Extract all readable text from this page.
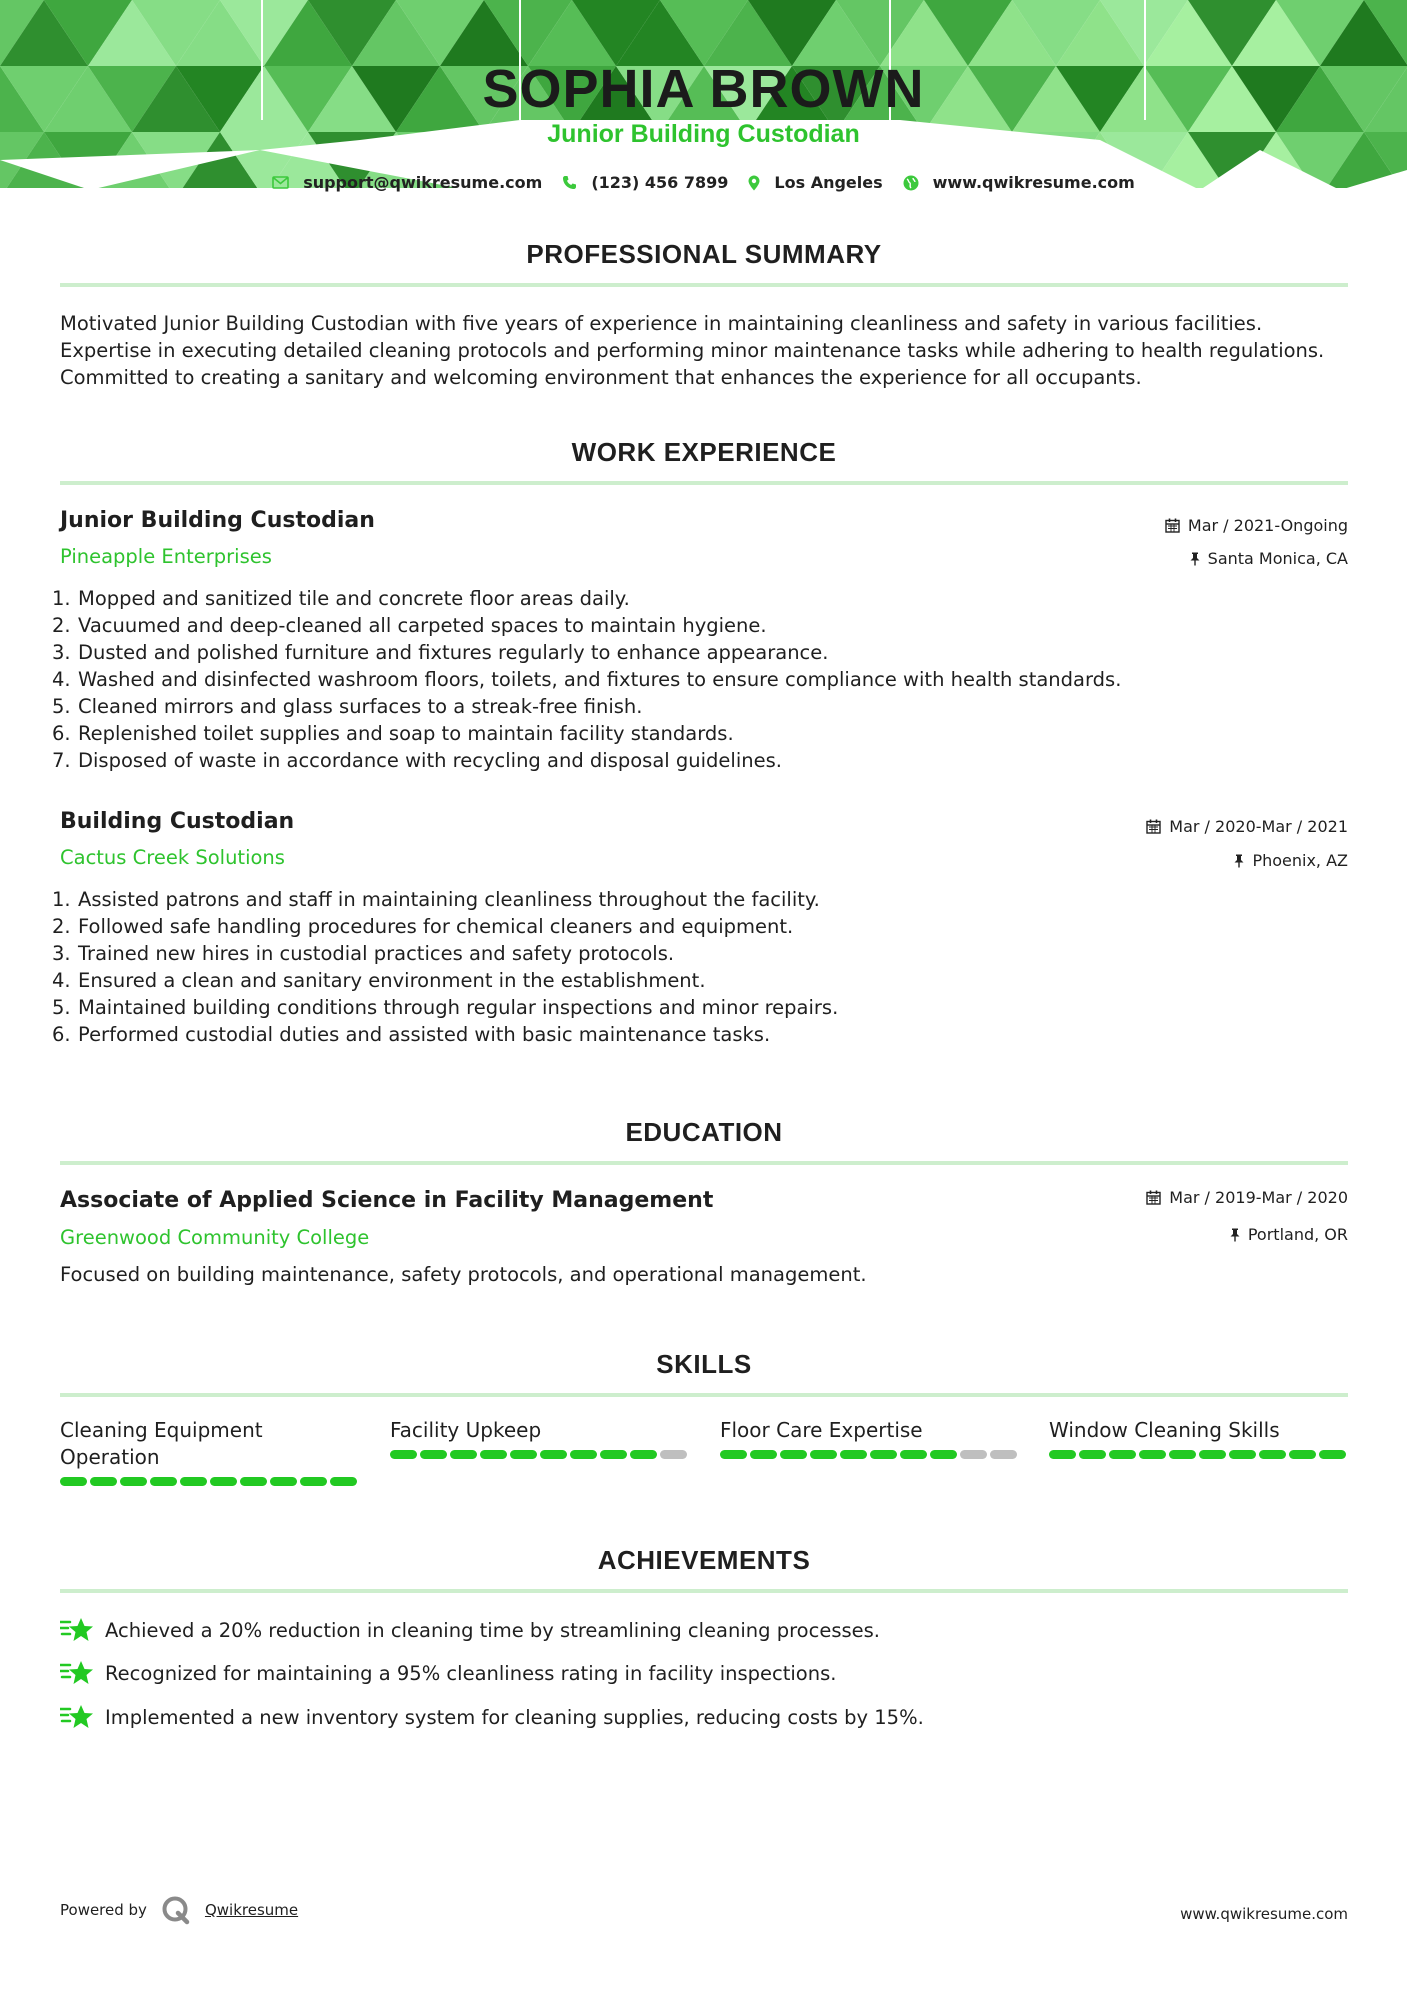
SOPHIA BROWN
Junior Building Custodian
support@qwikresume.com	(123) 456 7899	Los Angeles	www.qwikresume.com
PROFESSIONAL SUMMARY
Motivated Junior Building Custodian with five years of experience in maintaining cleanliness and safety in various facilities.
Expertise in executing detailed cleaning protocols and performing minor maintenance tasks while adhering to health regulations.
Committed to creating a sanitary and welcoming environment that enhances the experience for all occupants.
WORK EXPERIENCE
Junior Building Custodian	Mar / 2021-Ongoing
Pineapple Enterprises	Santa Monica, CA
1. Mopped and sanitized tile and concrete floor areas daily.
2. Vacuumed and deep-cleaned all carpeted spaces to maintain hygiene.
3. Dusted and polished furniture and fixtures regularly to enhance appearance.
4. Washed and disinfected washroom floors, toilets, and fixtures to ensure compliance with health standards.
5. Cleaned mirrors and glass surfaces to a streak-free finish.
6. Replenished toilet supplies and soap to maintain facility standards.
7. Disposed of waste in accordance with recycling and disposal guidelines.
Building Custodian	Mar / 2020-Mar / 2021
Cactus Creek Solutions	Phoenix, AZ
1. Assisted patrons and staff in maintaining cleanliness throughout the facility.
2. Followed safe handling procedures for chemical cleaners and equipment.
3. Trained new hires in custodial practices and safety protocols.
4. Ensured a clean and sanitary environment in the establishment.
5. Maintained building conditions through regular inspections and minor repairs.
6. Performed custodial duties and assisted with basic maintenance tasks.
EDUCATION
Associate of Applied Science in Facility Management	Mar / 2019-Mar / 2020
Greenwood Community College	Portland, OR
Focused on building maintenance, safety protocols, and operational management.
SKILLS
Cleaning Equipment
Operation
Facility Upkeep	Floor Care Expertise	Window Cleaning Skills
ACHIEVEMENTS
Achieved a 20% reduction in cleaning time by streamlining cleaning processes.
Recognized for maintaining a 95% cleanliness rating in facility inspections.
Implemented a new inventory system for cleaning supplies, reducing costs by 15%.
Powered by	Qwikresume	www.qwikresume.com
